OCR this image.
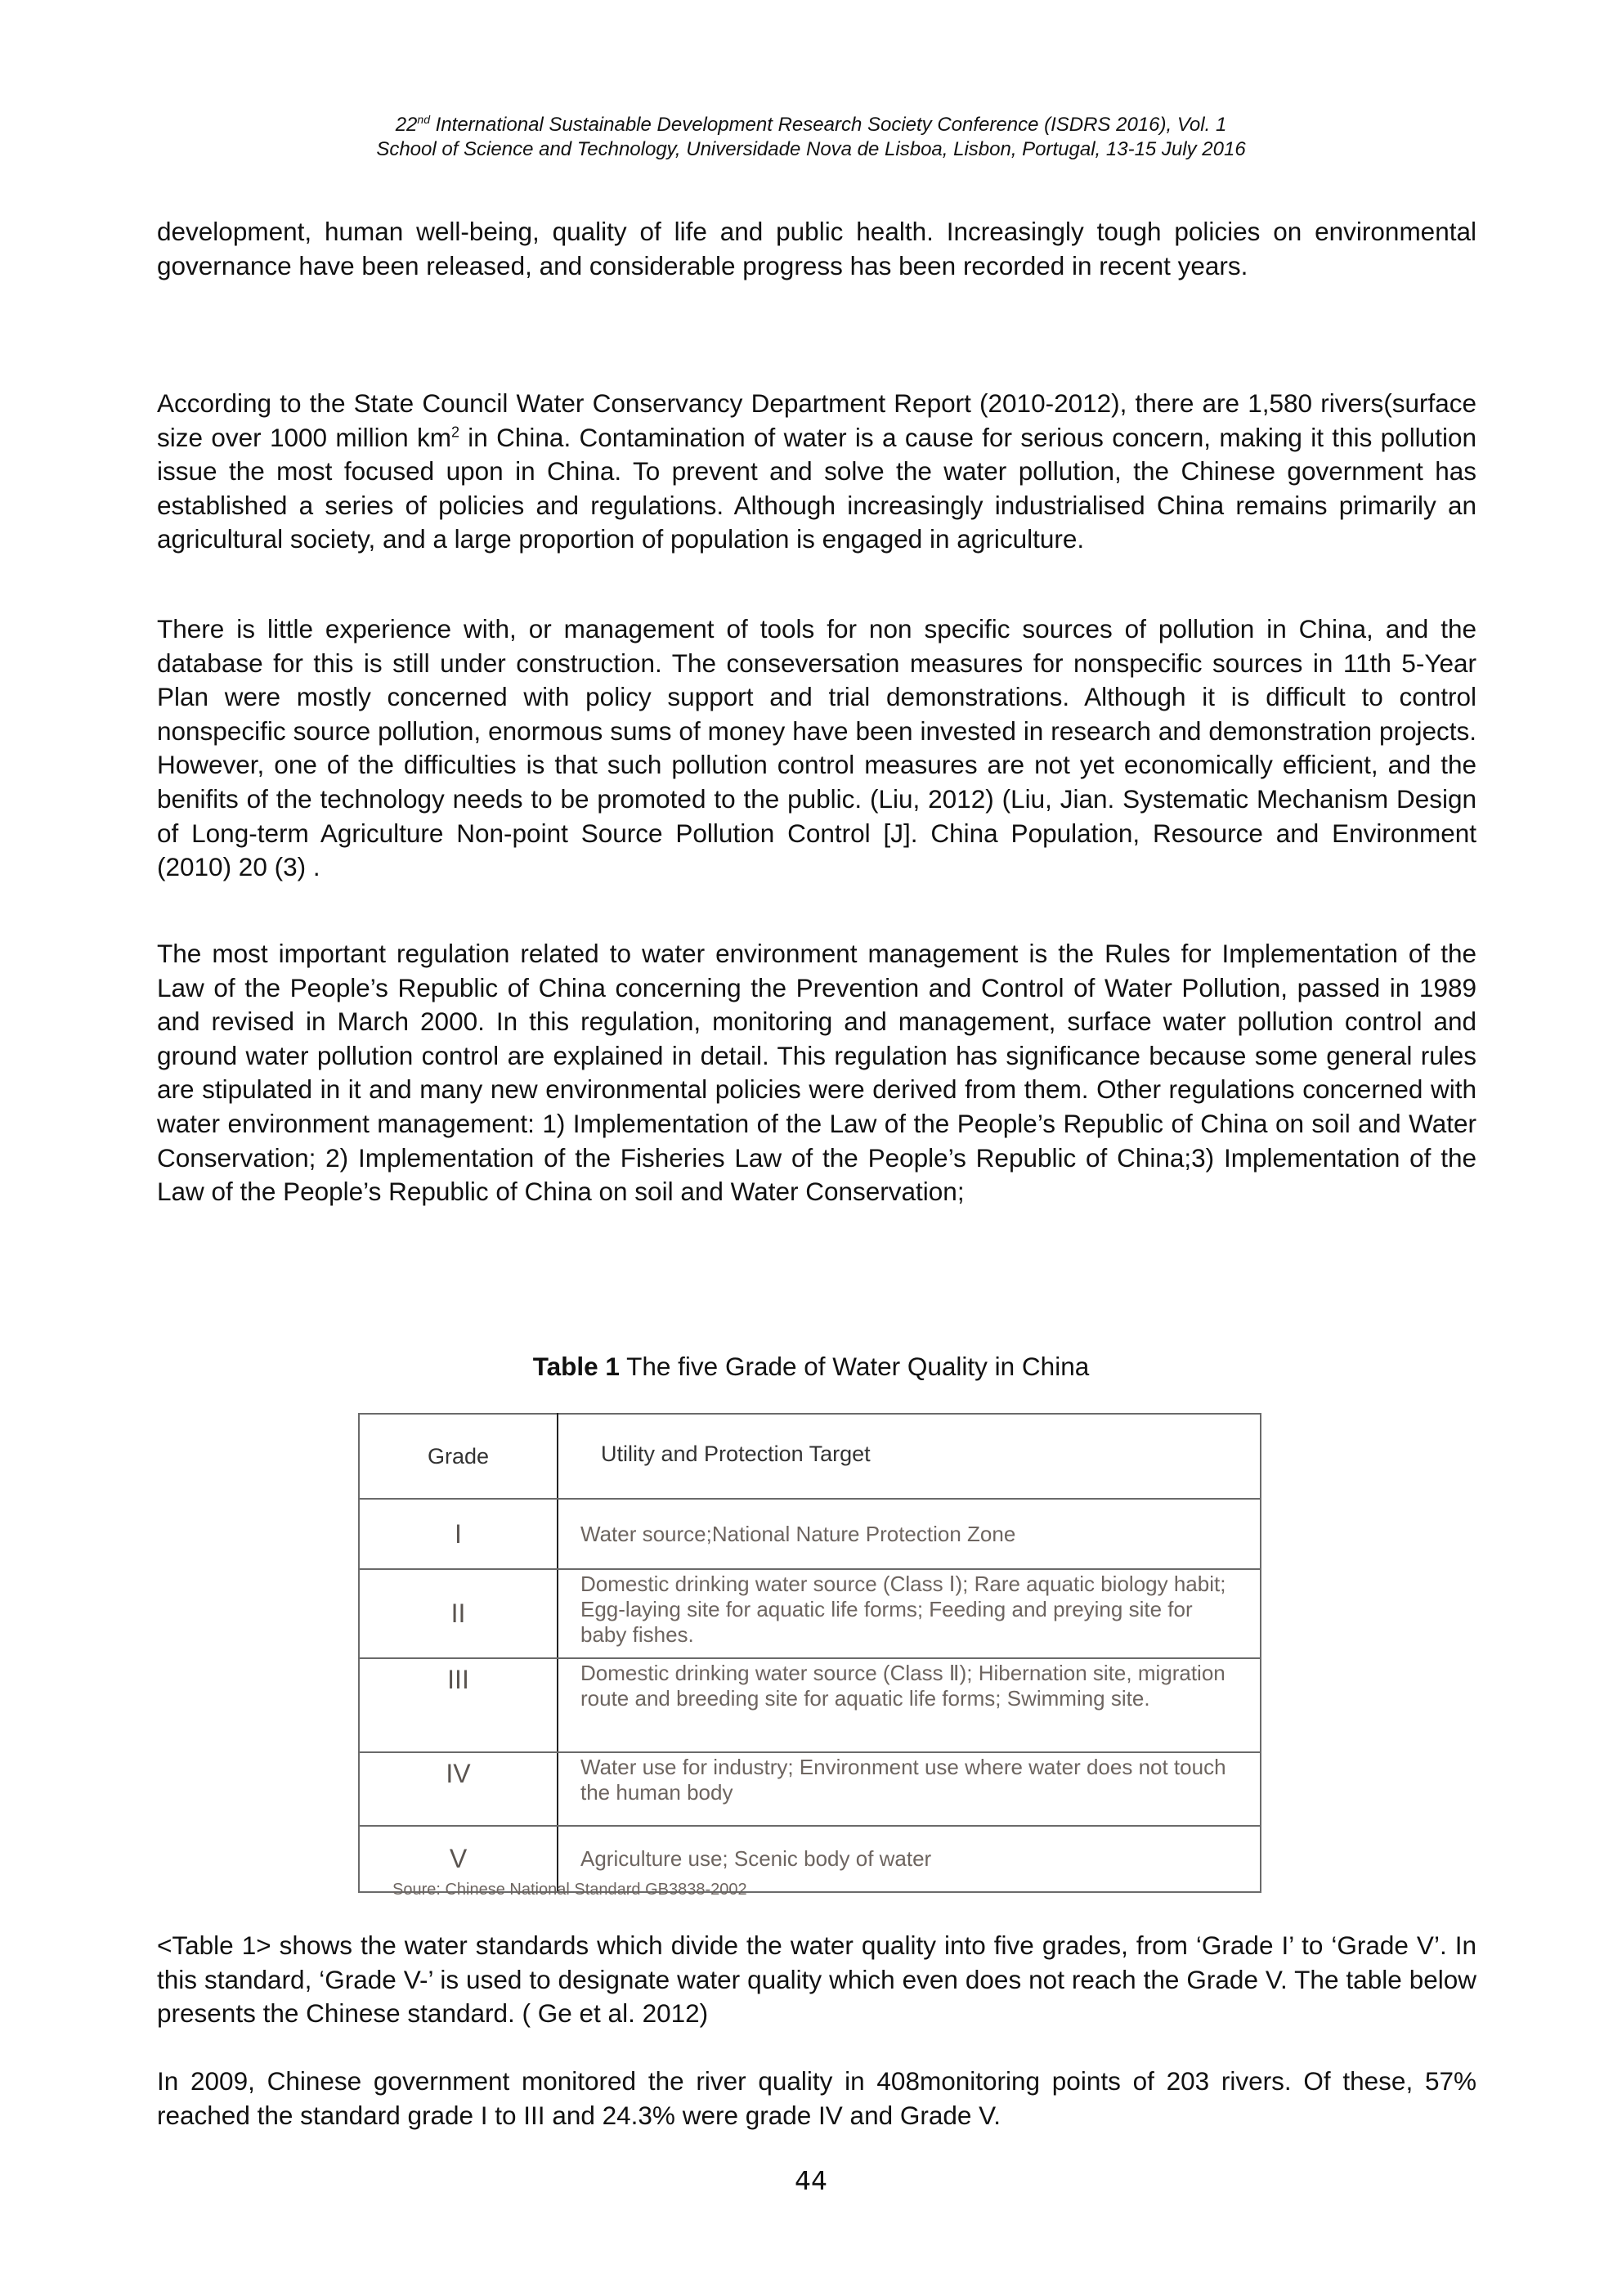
22nd International Sustainable Development Research Society Conference (ISDRS 2016), Vol. 1
School of Science and Technology, Universidade Nova de Lisboa, Lisbon, Portugal, 13-15 July 2016

development, human well-being, quality of life and public health. Increasingly tough policies on environmental governance have been released, and considerable progress has been recorded in recent years.

According to the State Council Water Conservancy Department Report (2010-2012), there are 1,580 rivers(surface size over 1000 million $km^2$ in China. Contamination of water is a cause for serious concern, making it this pollution issue the most focused upon in China. To prevent and solve the water pollution, the Chinese government has established a series of policies and regulations. Although increasingly industrialised China remains primarily an agricultural society, and a large proportion of population is engaged in agriculture.

There is little experience with, or management of tools for non specific sources of pollution in China, and the database for this is still under construction. The conseversation measures for nonspecific sources in 11th 5-Year Plan were mostly concerned with policy support and trial demonstrations. Although it is difficult to control nonspecific source pollution, enormous sums of money have been invested in research and demonstration projects. However, one of the difficulties is that such pollution control measures are not yet economically efficient, and the benifits of the technology needs to be promoted to the public. (Liu, 2012) (Liu, Jian. Systematic Mechanism Design of Long-term Agriculture Non-point Source Pollution Control [J]. China Population, Resource and Environment (2010) 20 (3) .

The most important regulation related to water environment management is the Rules for Implementation of the Law of the People’s Republic of China concerning the Prevention and Control of Water Pollution, passed in 1989 and revised in March 2000. In this regulation, monitoring and management, surface water pollution control and ground water pollution control are explained in detail. This regulation has significance because some general rules are stipulated in it and many new environmental policies were derived from them. Other regulations concerned with water environment management: 1) Implementation of the Law of the People’s Republic of China on soil and Water Conservation; 2) Implementation of the Fisheries Law of the People’s Republic of China;3) Implementation of the Law of the People’s Republic of China on soil and Water Conservation;

Table 1 The five Grade of Water Quality in China
Grade	Utility and Protection Target
I	Water source;National Nature Protection Zone
II	Domestic drinking water source (Class Ⅰ); Rare aquatic biology habit; Egg-laying site for aquatic life forms; Feeding and preying site for baby fishes.
III	Domestic drinking water source (Class Ⅱ); Hibernation site, migration route and breeding site for aquatic life forms; Swimming site.
IV	Water use for industry; Environment use where water does not touch the human body
V	Agriculture use; Scenic body of water
Soure: Chinese National Standard GB3838-2002

<Table 1> shows the water standards which divide the water quality into five grades, from ‘Grade I’ to ‘Grade V’. In this standard, ‘Grade V-’ is used to designate water quality which even does not reach the Grade V. The table below presents the Chinese standard. ( Ge et al. 2012)

In 2009, Chinese government monitored the river quality in 408monitoring points of 203 rivers. Of these, 57% reached the standard grade I to III and 24.3% were grade IV and Grade V.

44
